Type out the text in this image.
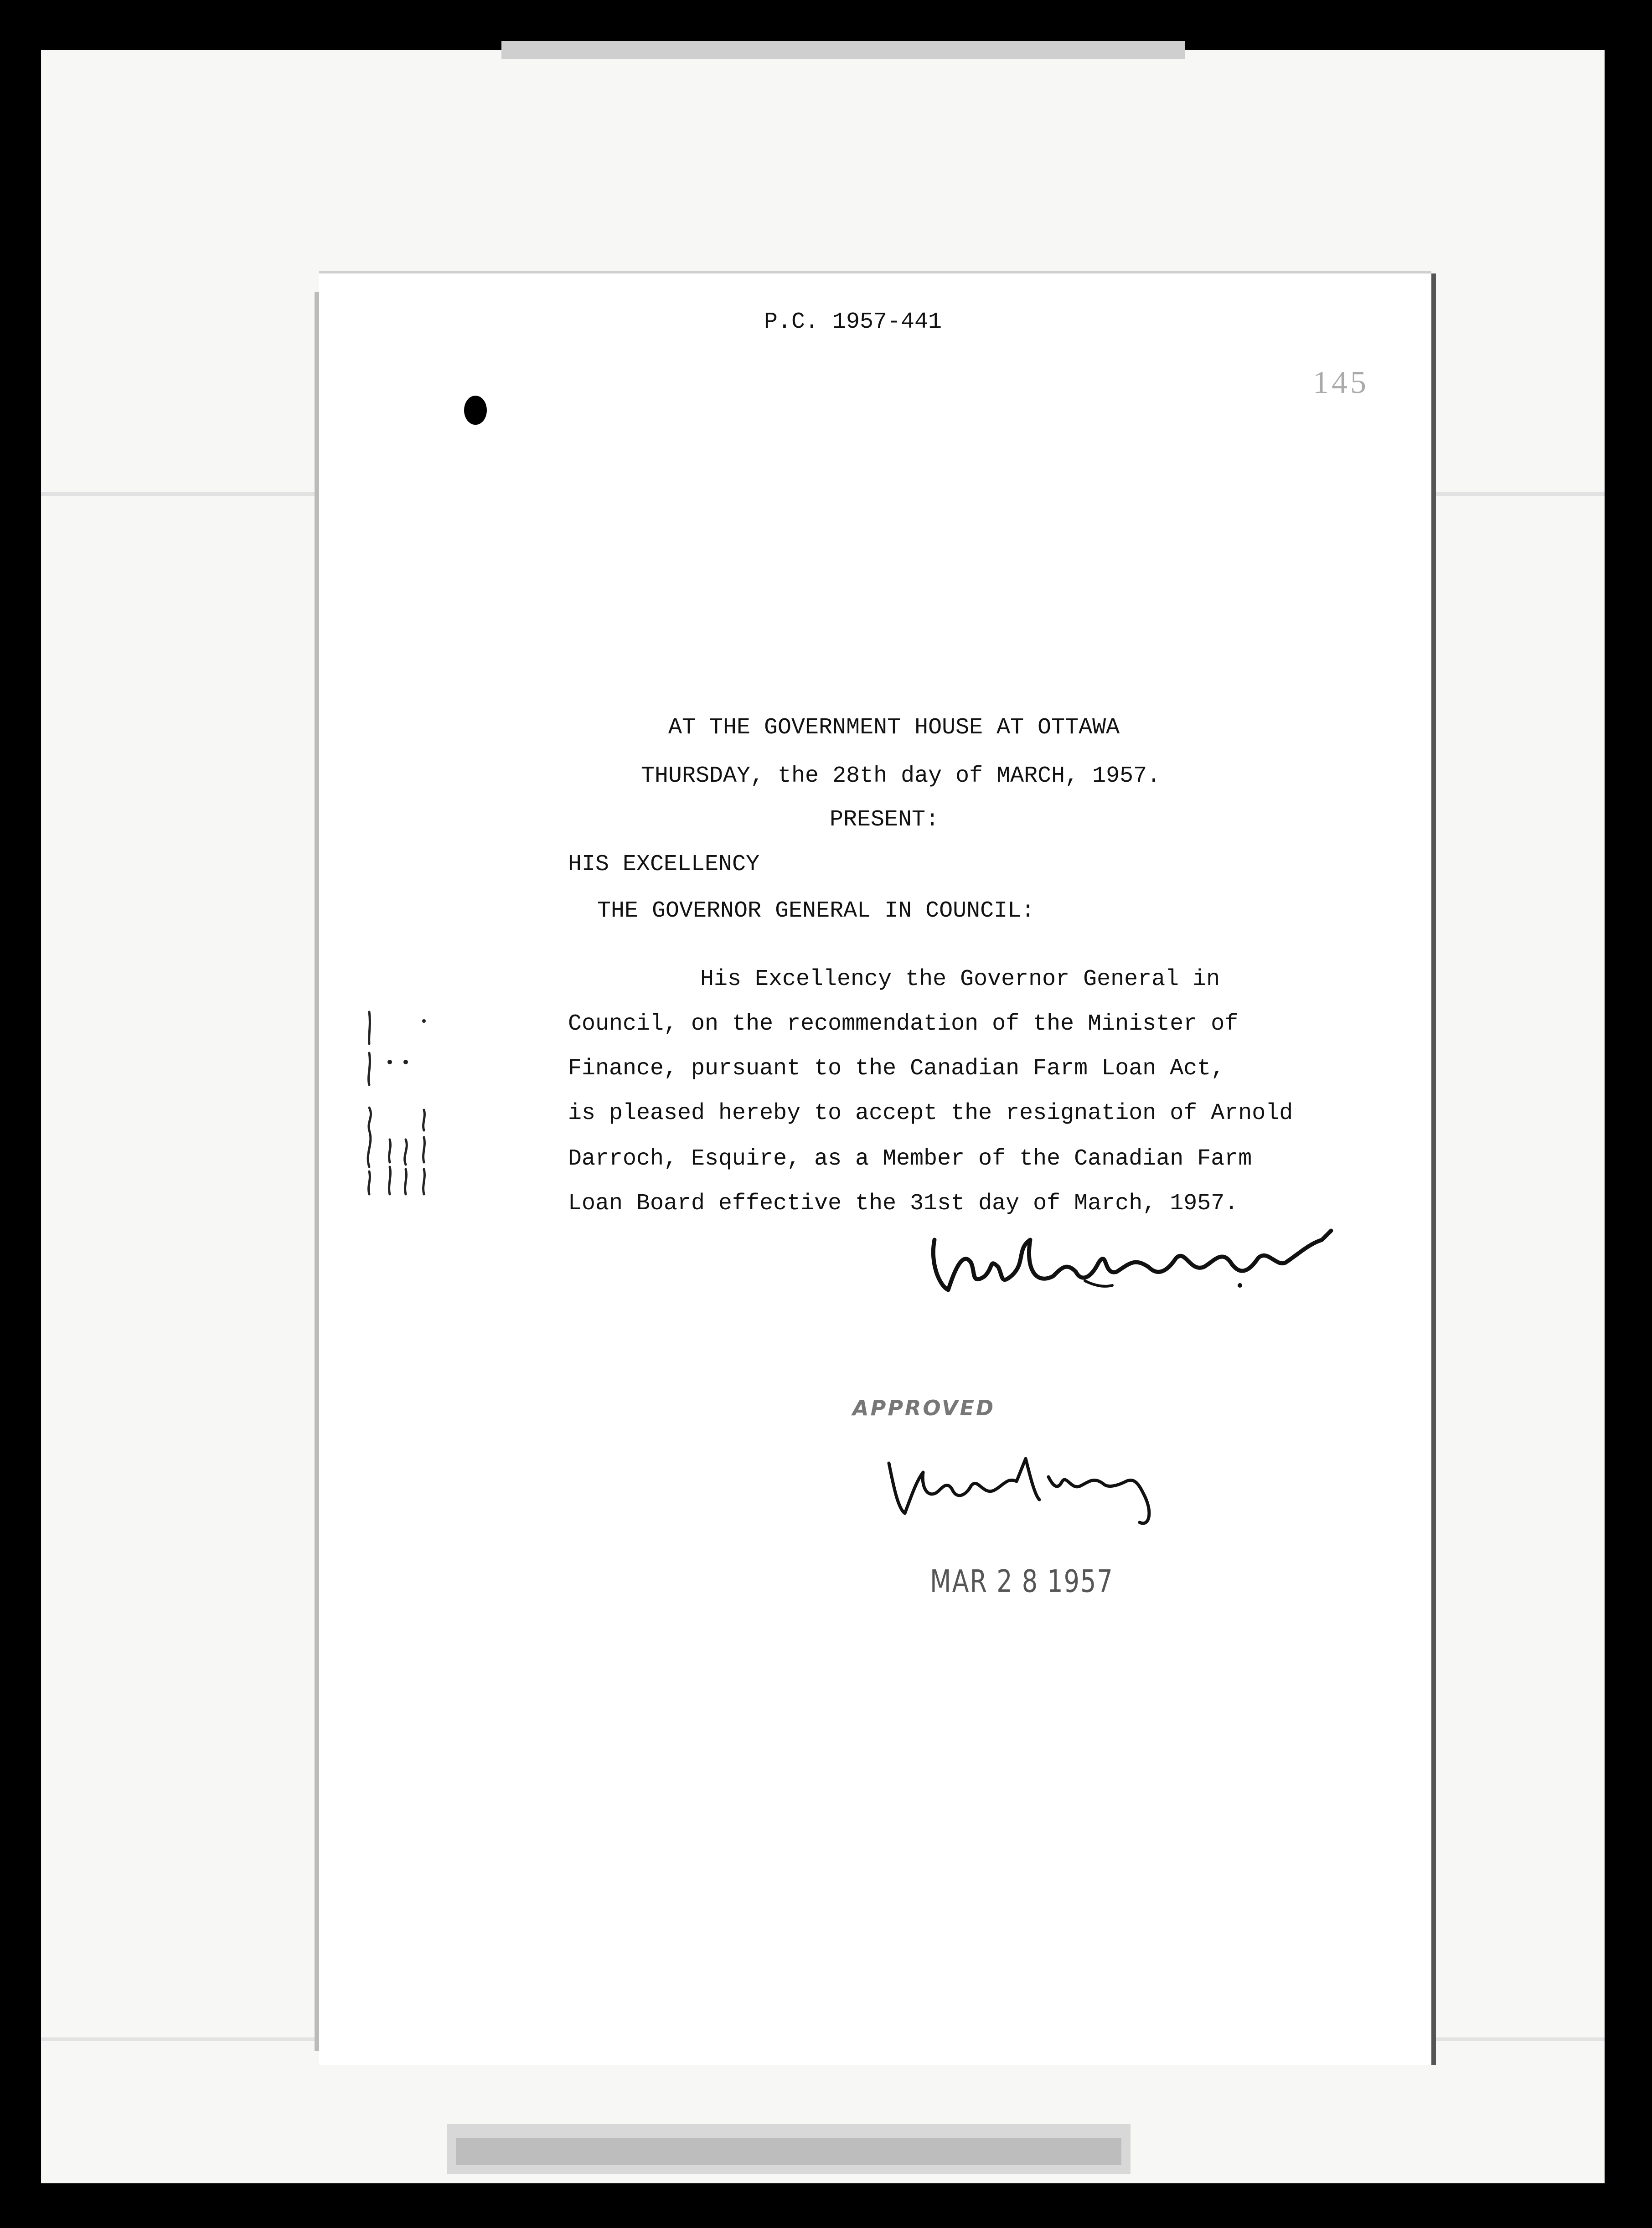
P.C. 1957-441
145
AT THE GOVERNMENT HOUSE AT OTTAWA
THURSDAY, the 28th day of MARCH, 1957.
PRESENT:
HIS EXCELLENCY
THE GOVERNOR GENERAL IN COUNCIL:
His Excellency the Governor General in
Council, on the recommendation of the Minister of
Finance, pursuant to the Canadian Farm Loan Act,
is pleased hereby to accept the resignation of Arnold
Darroch, Esquire, as a Member of the Canadian Farm
Loan Board effective the 31st day of March, 1957.
APPROVED
MAR 2 8 1957
